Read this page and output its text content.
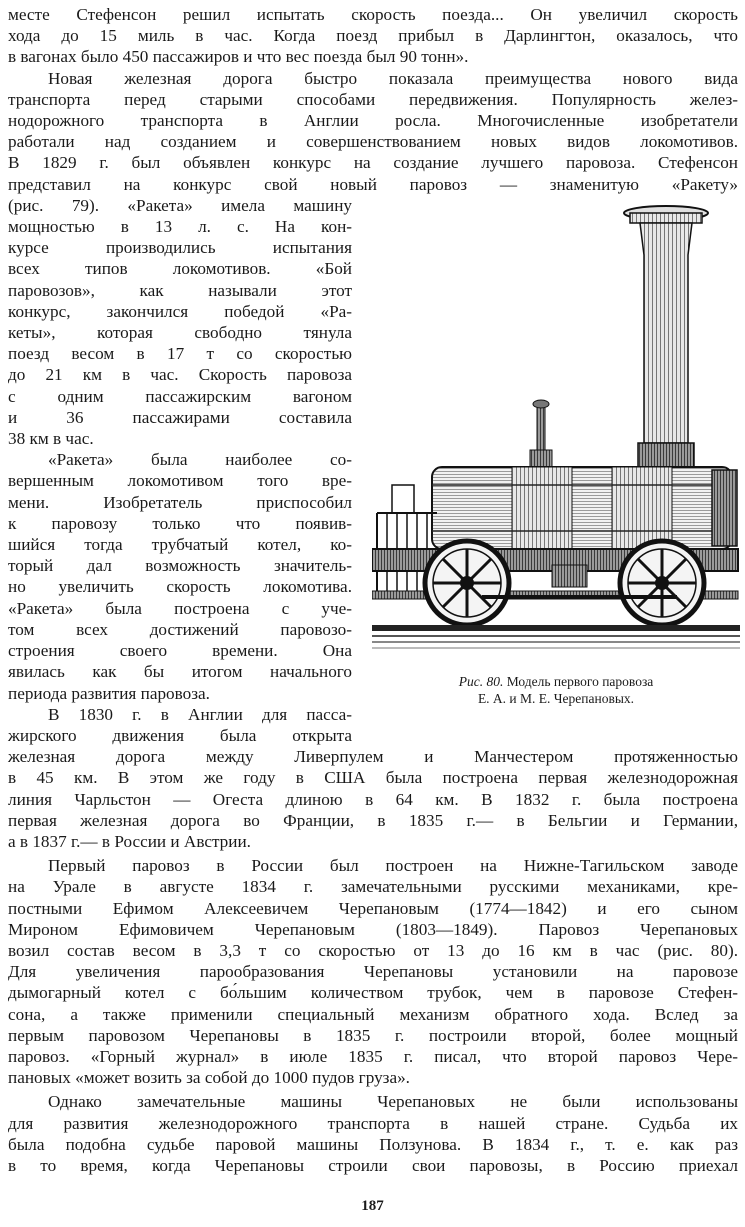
месте Стефенсон решил испытать скорость поезда... Он увеличил скорость
хода до 15 миль в час. Когда поезд прибыл в Дарлингтон, оказалось, что
в вагонах было 450 пассажиров и что вес поезда был 90 тонн».
Новая железная дорога быстро показала преимущества нового вида
транспорта перед старыми способами передвижения. Популярность желез-
нодорожного транспорта в Англии росла. Многочисленные изобретатели
работали над созданием и совершенствованием новых видов локомотивов.
В 1829 г. был объявлен конкурс на создание лучшего паровоза. Стефенсон
представил на конкурс свой новый паровоз — знаменитую «Ракету»
(рис. 79). «Ракета» имела машину
мощностью в 13 л. с. На кон-
курсе производились испытания
всех типов локомотивов. «Бой
паровозов», как называли этот
конкурс, закончился победой «Ра-
кеты», которая свободно тянула
поезд весом в 17 т со скоростью
до 21 км в час. Скорость паровоза
с одним пассажирским вагоном
и 36 пассажирами составила
38 км в час.
«Ракета» была наиболее со-
вершенным локомотивом того вре-
мени. Изобретатель приспособил
к паровозу только что появив-
шийся тогда трубчатый котел, ко-
торый дал возможность значитель-
но увеличить скорость локомотива.
«Ракета» была построена с уче-
том всех достижений паровозо-
строения своего времени. Она
явилась как бы итогом начального
периода развития паровоза.
В 1830 г. в Англии для пасса-
жирского движения была открыта
Рис. 80. Модель первого паровоза
Е. А. и М. Е. Черепановых.
железная дорога между Ливерпулем и Манчестером протяженностью
в 45 км. В этом же году в США была построена первая железнодорожная
линия Чарльстон — Огеста длиною в 64 км. В 1832 г. была построена
первая железная дорога во Франции, в 1835 г.— в Бельгии и Германии,
а в 1837 г.— в России и Австрии.
Первый паровоз в России был построен на Нижне-Тагильском заводе
на Урале в августе 1834 г. замечательными русскими механиками, кре-
постными Ефимом Алексеевичем Черепановым (1774—1842) и его сыном
Мироном Ефимовичем Черепановым (1803—1849). Паровоз Черепановых
возил состав весом в 3,3 т со скоростью от 13 до 16 км в час (рис. 80).
Для увеличения парообразования Черепановы установили на паровозе
дымогарный котел с бо́льшим количеством трубок, чем в паровозе Стефен-
сона, а также применили специальный механизм обратного хода. Вслед за
первым паровозом Черепановы в 1835 г. построили второй, более мощный
паровоз. «Горный журнал» в июле 1835 г. писал, что второй паровоз Чере-
пановых «может возить за собой до 1000 пудов груза».
Однако замечательные машины Черепановых не были использованы
для развития железнодорожного транспорта в нашей стране. Судьба их
была подобна судьбе паровой машины Ползунова. В 1834 г., т. е. как раз
в то время, когда Черепановы строили свои паровозы, в Россию приехал
187
